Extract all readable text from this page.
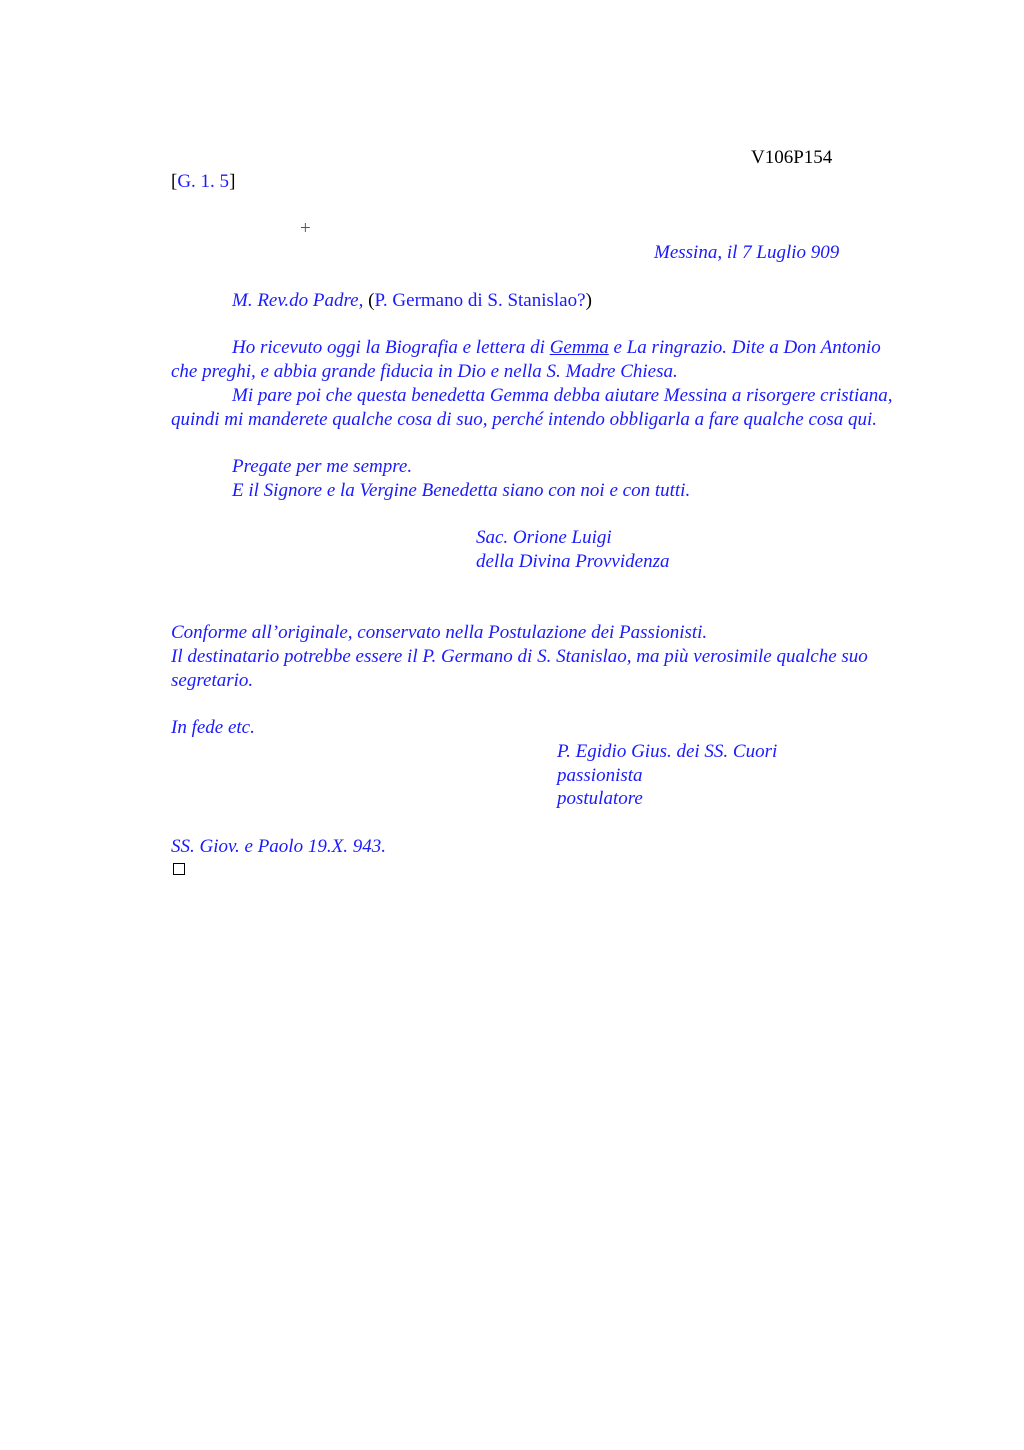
V106P154
[G. 1. 5]
+
Messina, il 7 Luglio 909
M. Rev.do Padre, (P. Germano di S. Stanislao?)
Ho ricevuto oggi la Biografia e lettera di Gemma e La ringrazio. Dite a Don Antonio che preghi, e abbia grande fiducia in Dio e nella S. Madre Chiesa.
Mi pare poi che questa benedetta Gemma debba aiutare Messina a risorgere cristiana, quindi mi manderete qualche cosa di suo, perché intendo obbligarla a fare qualche cosa qui.
Pregate per me sempre.
E il Signore e la Vergine Benedetta siano con noi e con tutti.
Sac. Orione Luigi
della Divina Provvidenza
Conforme all’originale, conservato nella Postulazione dei Passionisti.
Il destinatario potrebbe essere il P. Germano di S. Stanislao, ma più verosimile qualche suo segretario.
In fede etc.
P. Egidio Gius. dei SS. Cuori
passionista
postulatore
SS. Giov. e Paolo 19.X. 943.
